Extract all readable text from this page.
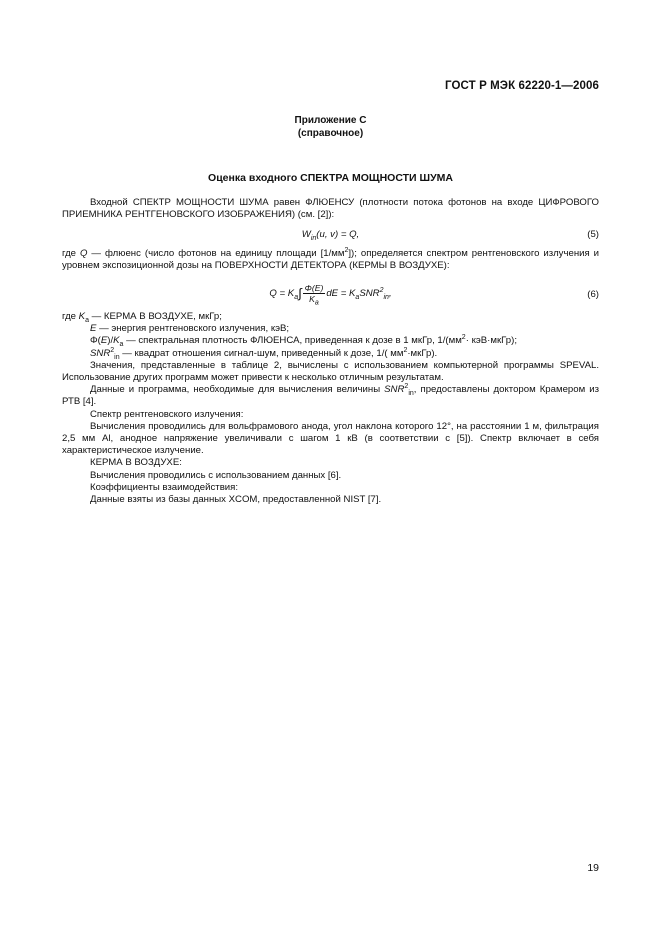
ГОСТ Р МЭК 62220-1—2006
Приложение С
(справочное)
Оценка входного СПЕКТРА МОЩНОСТИ ШУМА

Входной СПЕКТР МОЩНОСТИ ШУМА равен ФЛЮЕНСУ (плотности потока фотонов на входе ЦИФРОВОГО ПРИЕМНИКА РЕНТГЕНОВСКОГО ИЗОБРАЖЕНИЯ) (см. [2]):

$W_{in}(u$, v) = Q,	(5)

где Q — флюенс (число фотонов на единицу площади $[1/мм^2]$); определяется спектром рентгеновского излучения и уровнем экспозиционной дозы на ПОВЕРХНОСТИ ДЕТЕКТОРА (КЕРМЫ В ВОЗДУХЕ):

$Q = K_a\int \frac{\Phi(E)}{K_a}$ dE = $K_aSNR^2_{in}$,	(6)

где $K_a$ — КЕРМА В ВОЗДУХЕ, мкГр;

E — энергия рентгеновского излучения, кэВ;

$\Phi(E)/K_a$ — спектральная плотность ФЛЮЕНСА, приведенная к дозе в 1 мкГр, $1/(мм^2\cdot$ кэВ·мкГр);

$SNR^2_{in}$ — квадрат отношения сигнал-шум, приведенный к дозе, 1/( $мм^2\cdot мкГр$).

Значения, представленные в таблице 2, вычислены с использованием компьютерной программы SPEVAL. Использование других программ может привести к несколько отличным результатам.

Данные и программа, необходимые для вычисления величины $SNR^2_{in}$, предоставлены доктором Крамером из РТВ [4].

Спектр рентгеновского излучения:

Вычисления проводились для вольфрамового анода, угол наклона которого 12°, на расстоянии 1 м, фильтрация 2,5 мм Al, анодное напряжение увеличивали с шагом 1 кВ (в соответствии с [5]). Спектр включает в себя характеристическое излучение.

КЕРМА В ВОЗДУХЕ:

Вычисления проводились с использованием данных [6].

Коэффициенты взаимодействия:

Данные взяты из базы данных XCOM, предоставленной NIST [7].

19
